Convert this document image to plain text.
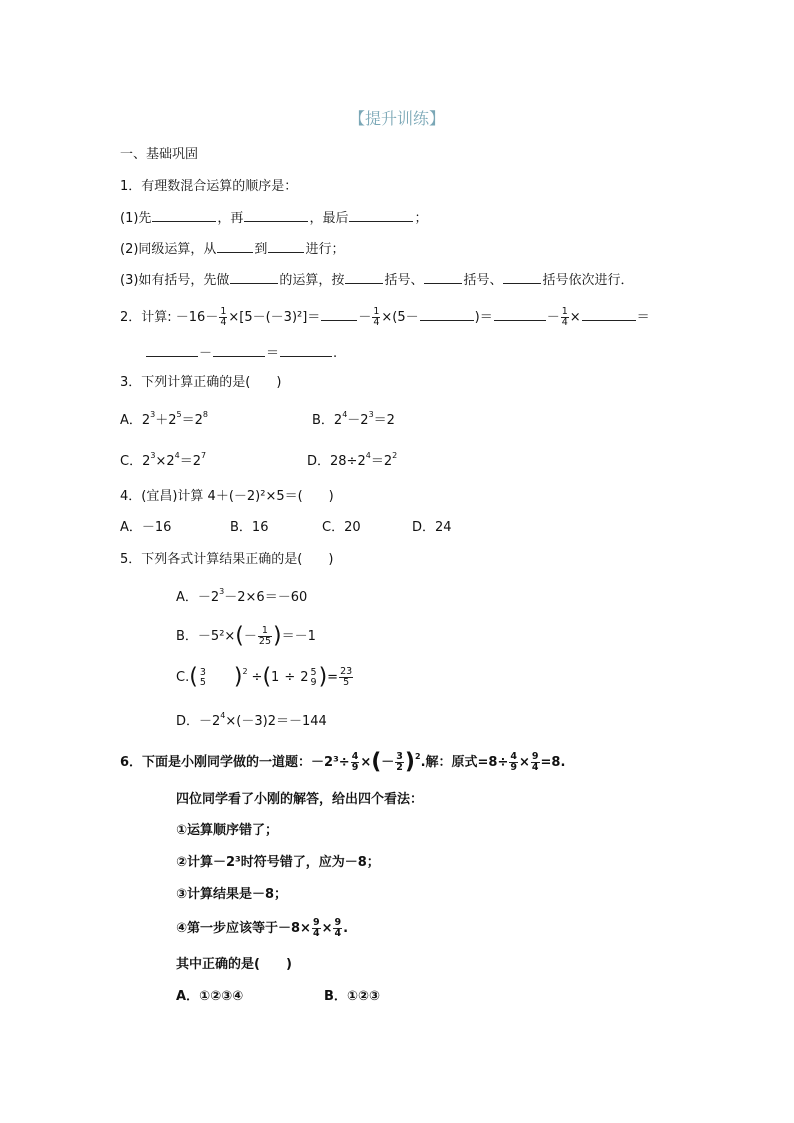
【提升训练】
一、基础巩固
1．有理数混合运算的顺序是：
(1)先	，再	，最后	；
(2)同级运算，从	到	进行；
(3)如有括号，先做	的运算，按	括号、	括号、	括号依次进行．
2．计算: $-16- \frac{1}{4} \times[5-(-3)^2]=$	－ $\frac{1}{4} \times(5-$	)＝	－ $\frac{1}{4}$ ×	＝
－	＝	.
3．下列计算正确的是(　　)
A．$2^3+2^5=2^8$	B．$2^4-2^3=2$
C．$2^3\times 2^4=2^7$	D．$28\div 2^4=2^2$
4．(宜昌)计算 4＋(－2)²×5＝(　　)
A．－16	B．16	C．20	D．24
5．下列各式计算结果正确的是(　　)
A．$-2^3-2\times 6=-60$
B．$-5^2\times(- \frac{1}{25} )=-1$
C.( 3
5 )$^2$ ÷(1 ÷ 2 5
9 )= $\frac{23}{5}$
D．$-2^4\times(-3)2=-144$
6．下面是小刚同学做的一道题：$-2^3\div \frac{4}{9}$ ×(－ $\frac{3}{2} )^2$.解：原式$=8\div \frac{4}{9} \times \frac{9}{4} =8$.
四位同学看了小刚的解答，给出四个看法：
①运算顺序错了；
②计算－2³时符号错了，应为－8；
③计算结果是－8；
④第一步应该等于$-8\times \frac{9}{4} \times \frac{9}{4}$ .
其中正确的是(　　)
A．①②③④	B．①②③
